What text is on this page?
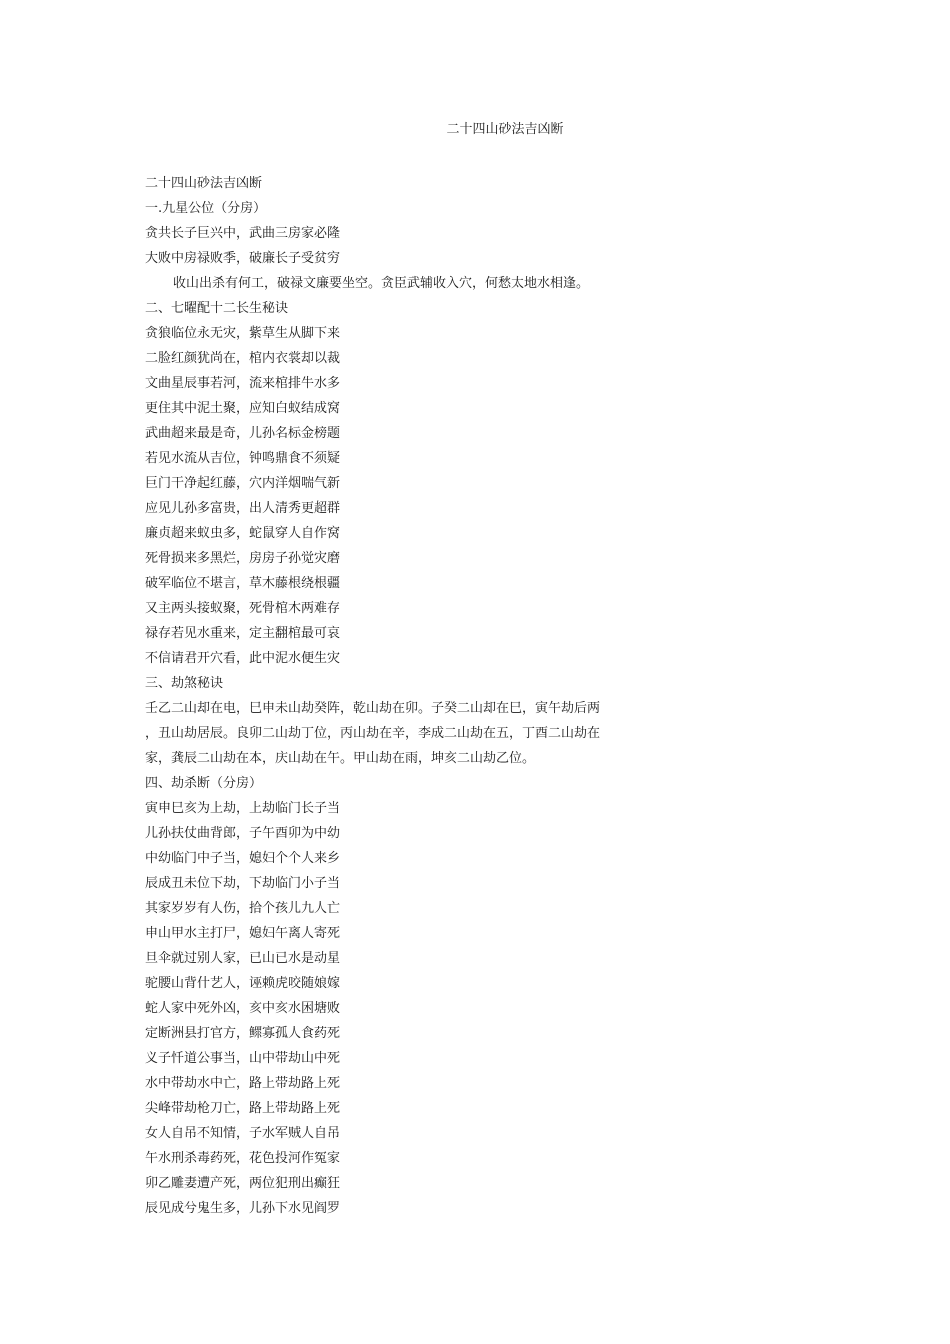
二十四山砂法吉凶断
二十四山砂法吉凶断
一.九星公位（分房）
贪共长子巨兴中，武曲三房家必隆
大败中房禄败季，破廉长子受贫穷
收山出杀有何工，破禄文廉要坐空。贪臣武辅收入穴，何愁太地水相逢。
二、七曜配十二长生秘诀
贪狼临位永无灾，紫草生从脚下来
二脸红颜犹尚在，棺内衣裳却以裁
文曲星辰事若河，流来棺排牛水多
更住其中泥土聚，应知白蚁结成窝
武曲超来最是奇，儿孙名标金榜题
若见水流从吉位，钟鸣鼎食不须疑
巨门干净起红藤，穴内洋烟喘气新
应见儿孙多富贵，出人清秀更超群
廉贞超来蚁虫多，蛇鼠穿人自作窝
死骨损来多黑烂，房房子孙觉灾磨
破军临位不堪言，草木藤根绕根疆
又主两头接蚁聚，死骨棺木两难存
禄存若见水重来，定主翻棺最可哀
不信请君开穴看，此中泥水便生灾
三、劫煞秘诀
壬乙二山却在电，巳申未山劫癸阵，乾山劫在卯。子癸二山却在巳，寅午劫后两
，丑山劫居辰。良卯二山劫丁位，丙山劫在辛，李成二山劫在五，丁酉二山劫在
家，龚辰二山劫在本，庆山劫在午。甲山劫在雨，坤亥二山劫乙位。
四、劫杀断（分房）
寅申巳亥为上劫，上劫临门长子当
儿孙扶仗曲背郎，子午酉卯为中幼
中幼临门中子当，媳妇个个人来乡
辰成丑未位下劫，下劫临门小子当
其家岁岁有人伤，拾个孩儿九人亡
申山甲水主打尸，媳妇午离人寄死
旦伞就过别人家，已山已水是动星
驼腰山背什艺人，诬赖虎咬随娘嫁
蛇人家中死外凶，亥中亥水困塘败
定断洲县打官方，鳏寡孤人食药死
义子忏道公事当，山中带劫山中死
水中带劫水中亡，路上带劫路上死
尖峰带劫枪刀亡，路上带劫路上死
女人自吊不知情，子水军贼人自吊
午水刑杀毒药死，花色投河作冤家
卯乙雕妻遭产死，两位犯刑出癫狂
辰见成兮鬼生多，儿孙下水见阎罗
